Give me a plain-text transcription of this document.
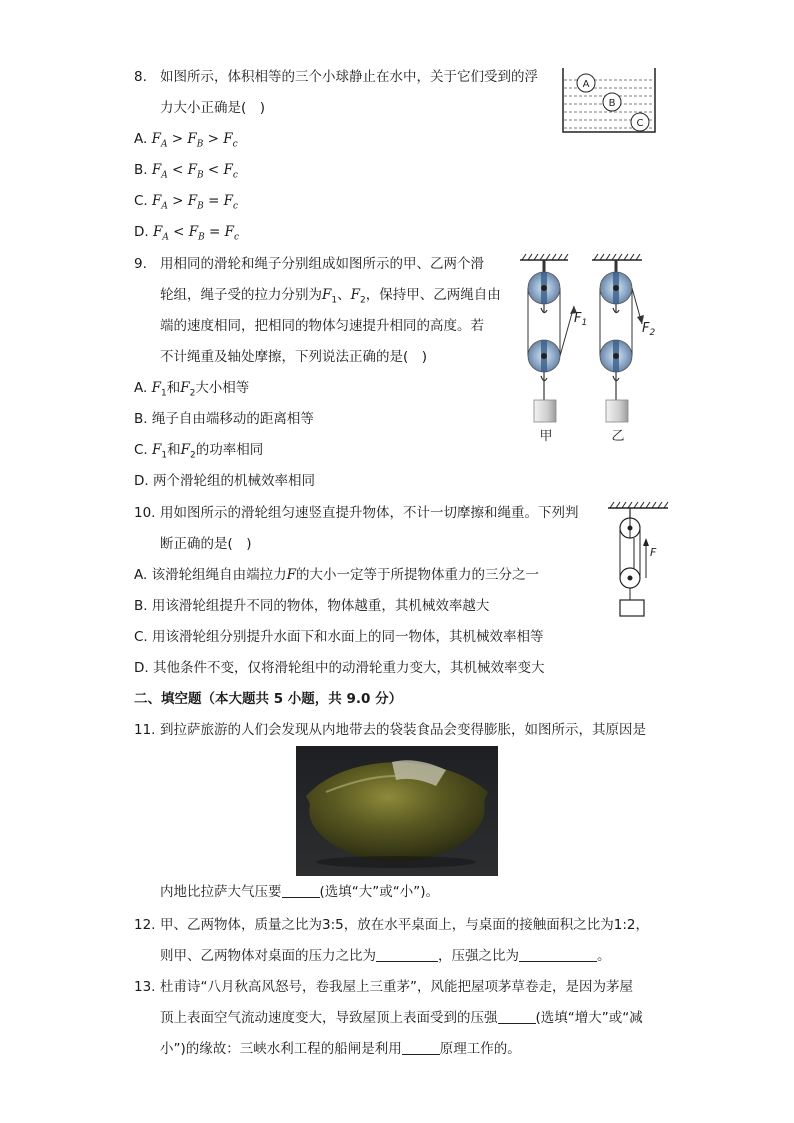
8. 如图所示，体积相等的三个小球静止在水中，关于它们受到的浮
力大小正确是(　)
A. $F_A > F_B > F_c$
B. $F_A < F_B < F_c$
C. $F_A > F_B = F_c$
D. $F_A < F_B = F_c$
A
B
C
9. 用相同的滑轮和绳子分别组成如图所示的甲、乙两个滑
轮组，绳子受的拉力分别为$F_1$、$F_2$，保持甲、乙两绳自由
端的速度相同，把相同的物体匀速提升相同的高度。若
不计绳重及轴处摩擦，下列说法正确的是(　)
A. $F_1$和$F_2$大小相等
B. 绳子自由端移动的距离相等
C. $F_1$和$F_2$的功率相同
D. 两个滑轮组的机械效率相同
甲
$F_1$
乙
$F_2$
10. 用如图所示的滑轮组匀速竖直提升物体，不计一切摩擦和绳重。下列判
断正确的是(　)
A. 该滑轮组绳自由端拉力F的大小一定等于所提物体重力的三分之一
B. 用该滑轮组提升不同的物体，物体越重，其机械效率越大
C. 用该滑轮组分别提升水面下和水面上的同一物体，其机械效率相等
D. 其他条件不变，仅将滑轮组中的动滑轮重力变大，其机械效率变大
F
二、填空题（本大题共 5 小题，共 9.0 分）
11. 到拉萨旅游的人们会发现从内地带去的袋装食品会变得膨胀，如图所示，其原因是
内地比拉萨大气压要	(选填“大”或“小”)。
12. 甲、乙两物体，质量之比为3:5，放在水平桌面上，与桌面的接触面积之比为1:2，
则甲、乙两物体对桌面的压力之比为	，压强之比为	。
13. 杜甫诗“八月秋高风怒号，卷我屋上三重茅”，风能把屋项茅草卷走，是因为茅屋
顶上表面空气流动速度变大，导致屋顶上表面受到的压强	(选填“增大”或“减
小”)的缘故：三峡水利工程的船闸是利用	原理工作的。
